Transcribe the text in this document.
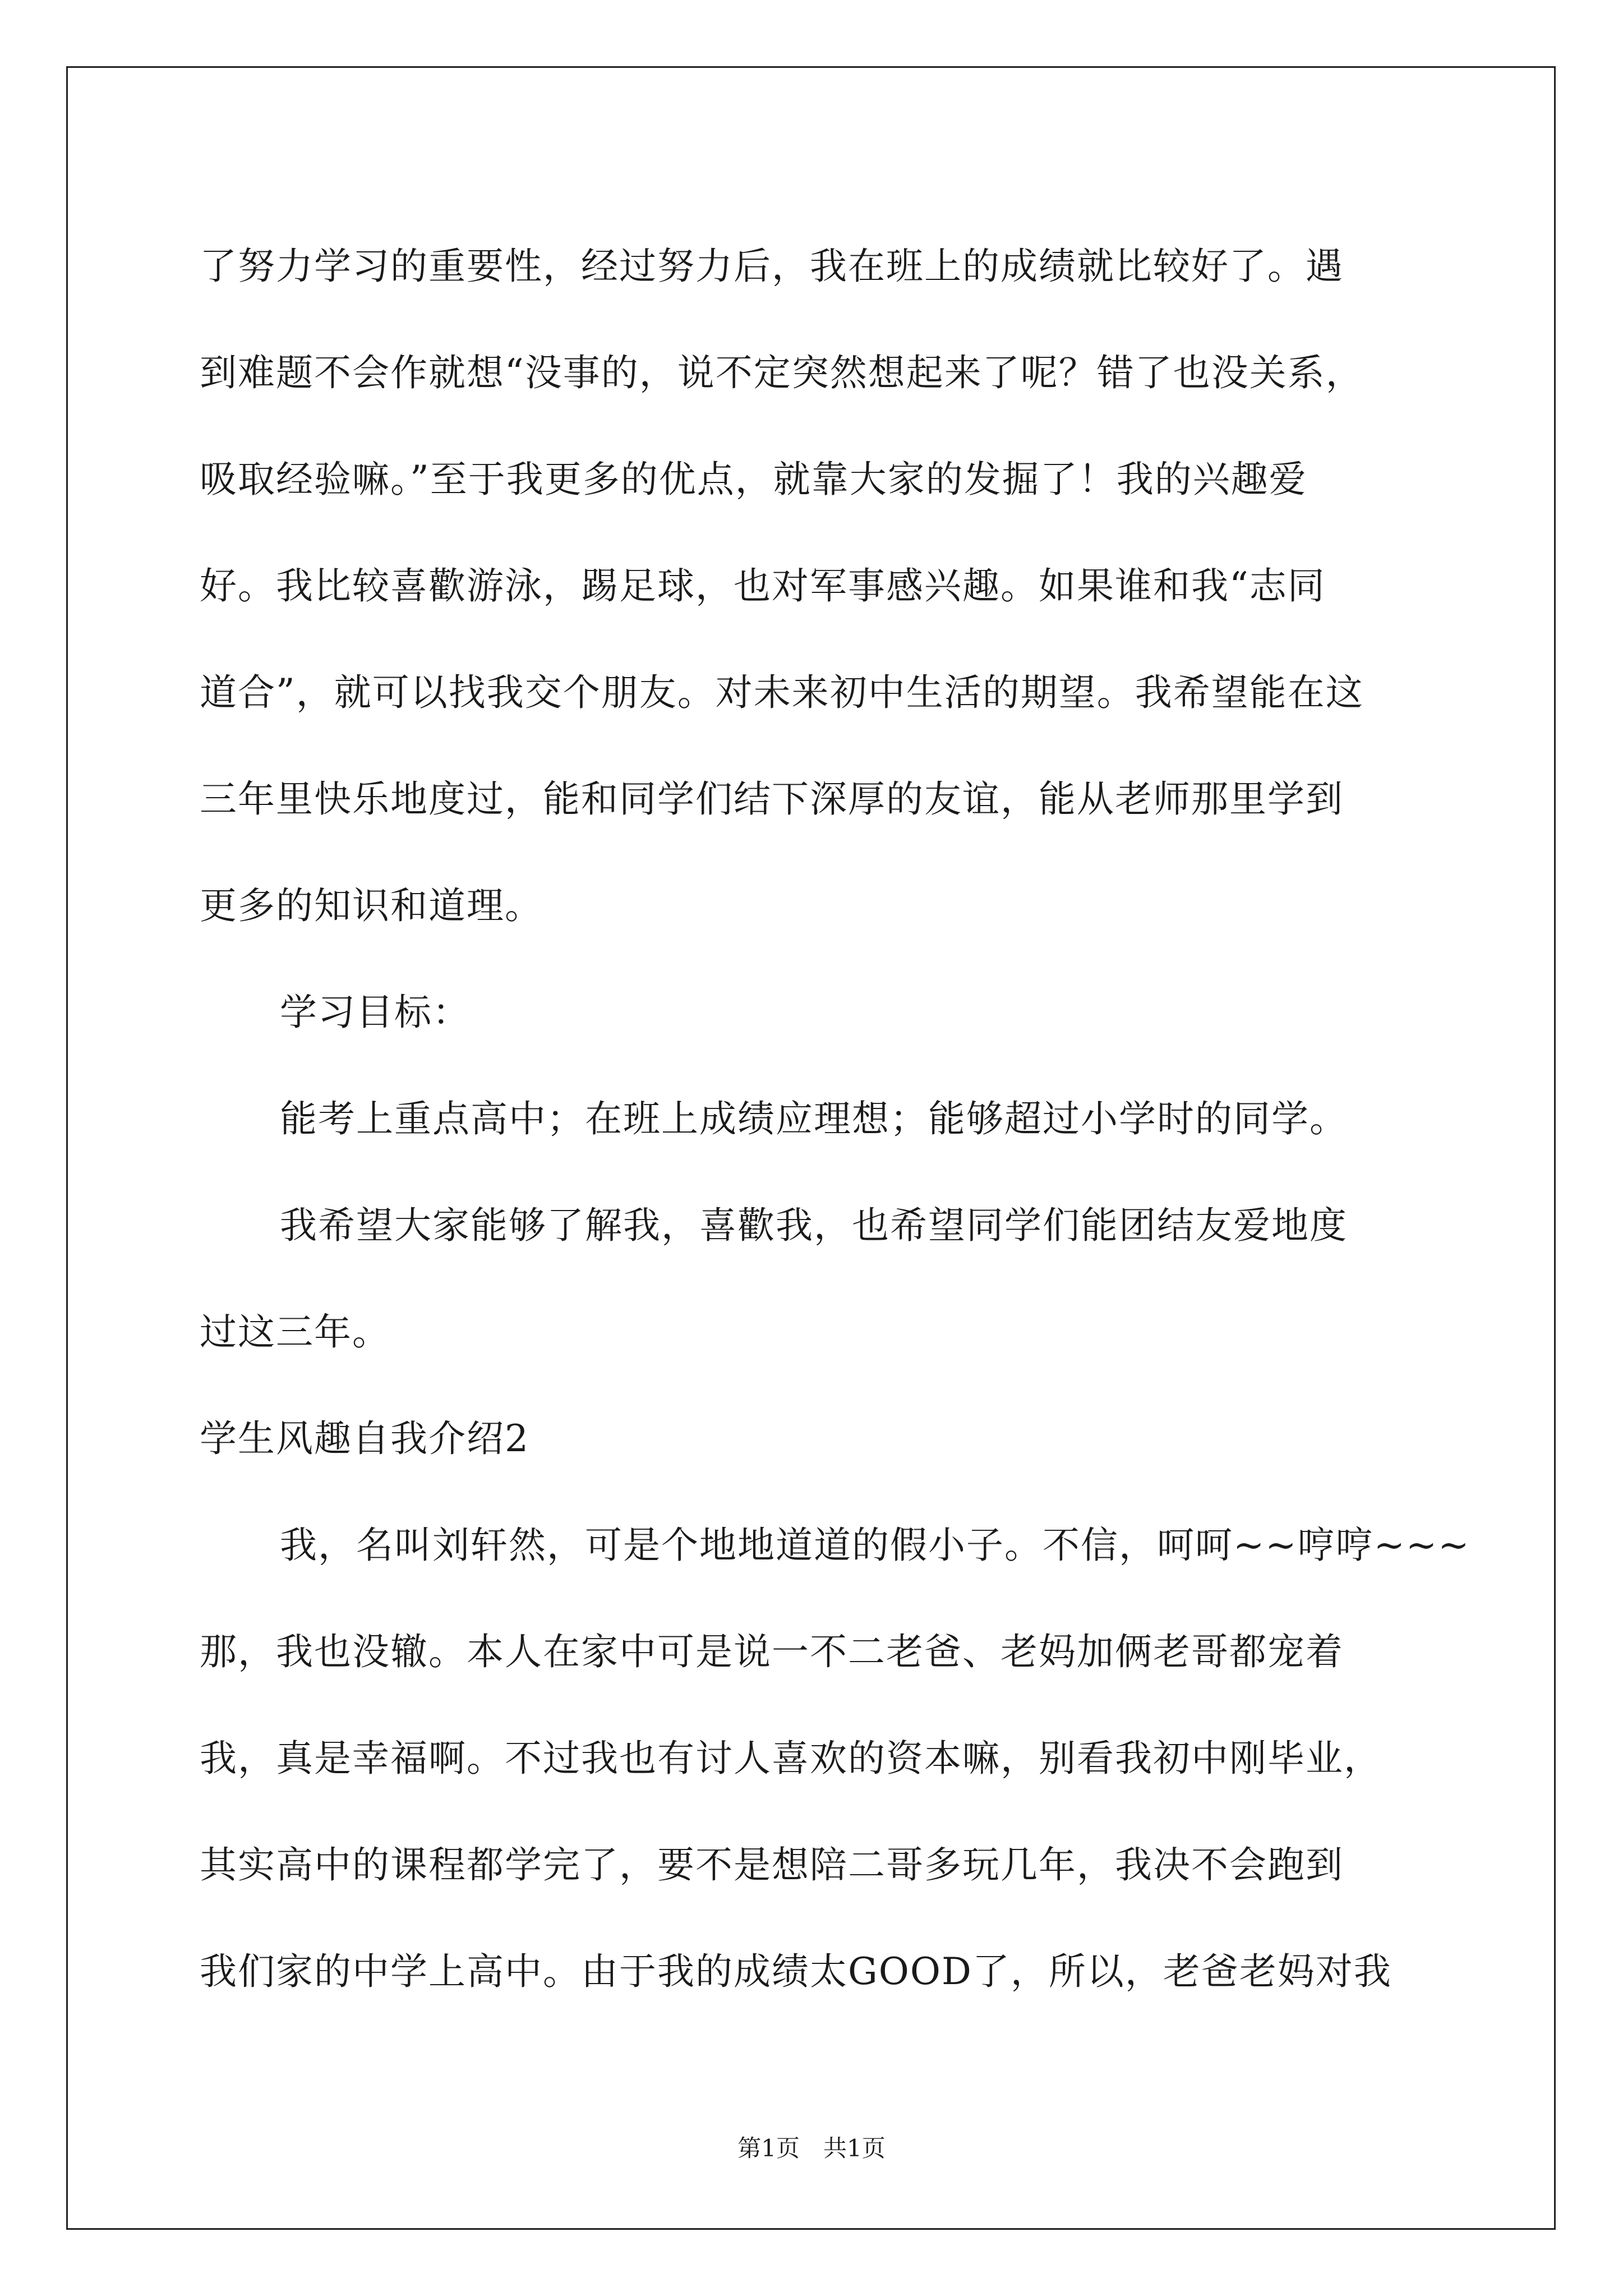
了努力学习的重要性，经过努力后，我在班上的成绩就比较好了。遇
到难题不会作就想“没事的，说不定突然想起来了呢？错了也没关系，
吸取经验嘛。”至于我更多的优点，就靠大家的发掘了！我的兴趣爱
好。我比较喜歡游泳，踢足球，也对军事感兴趣。如果谁和我“志同
道合”，就可以找我交个朋友。对未来初中生活的期望。我希望能在这
三年里快乐地度过，能和同学们结下深厚的友谊，能从老师那里学到
更多的知识和道理。
学习目标：
能考上重点高中；在班上成绩应理想；能够超过小学时的同学。
我希望大家能够了解我，喜歡我，也希望同学们能团结友爱地度
过这三年。
学生风趣自我介绍2
我，名叫刘轩然，可是个地地道道的假小子。不信，呵呵~~哼哼~~~
那，我也没辙。本人在家中可是说一不二老爸、老妈加俩老哥都宠着
我，真是幸福啊。不过我也有讨人喜欢的资本嘛，别看我初中刚毕业，
其实高中的课程都学完了，要不是想陪二哥多玩几年，我决不会跑到
我们家的中学上高中。由于我的成绩太GOOD了，所以，老爸老妈对我
第1页　共1页
